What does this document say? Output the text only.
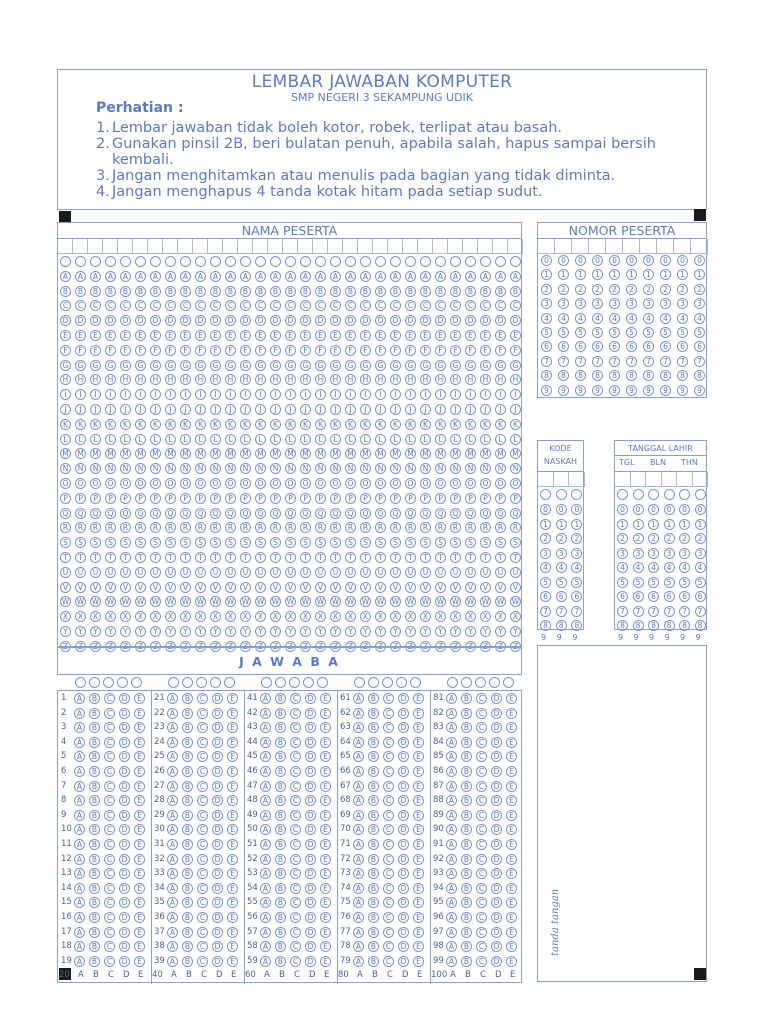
LEMBAR JAWABAN KOMPUTER
SMP NEGERI 3 SEKAMPUNG UDIK
Perhatian :
1. Lembar jawaban tidak boleh kotor, robek, terlipat atau basah.
2. Gunakan pinsil 2B, beri bulatan penuh, apabila salah, hapus sampai bersih
kembali.
3. Jangan menghitamkan atau menulis pada bagian yang tidak diminta.
4. Jangan menghapus 4 tanda kotak hitam pada setiap sudut.
NAMA PESERTA
A	A	A	A	A	A	A	A	A	A	A	A	A	A	A	A	A	A	A	A	A	A	A	A	A	A	A	A	A	A	A
B	B	B	B	B	B	B	B	B	B	B	B	B	B	B	B	B	B	B	B	B	B	B	B	B	B	B	B	B	B	B
C	C	C	C	C	C	C	C	C	C	C	C	C	C	C	C	C	C	C	C	C	C	C	C	C	C	C	C	C	C	C
D	D	D	D	D	D	D	D	D	D	D	D	D	D	D	D	D	D	D	D	D	D	D	D	D	D	D	D	D	D	D
E	E	E	E	E	E	E	E	E	E	E	E	E	E	E	E	E	E	E	E	E	E	E	E	E	E	E	E	E	E	E
F	F	F	F	F	F	F	F	F	F	F	F	F	F	F	F	F	F	F	F	F	F	F	F	F	F	F	F	F	F	F
G	G	G	G	G	G	G	G	G	G	G	G	G	G	G	G	G	G	G	G	G	G	G	G	G	G	G	G	G	G	G
H	H	H	H	H	H	H	H	H	H	H	H	H	H	H	H	H	H	H	H	H	H	H	H	H	H	H	H	H	H	H
I	I	I	I	I	I	I	I	I	I	I	I	I	I	I	I	I	I	I	I	I	I	I	I	I	I	I	I	I	I	I
J	J	J	J	J	J	J	J	J	J	J	J	J	J	J	J	J	J	J	J	J	J	J	J	J	J	J	J	J	J	J
K	K	K	K	K	K	K	K	K	K	K	K	K	K	K	K	K	K	K	K	K	K	K	K	K	K	K	K	K	K	K
L	L	L	L	L	L	L	L	L	L	L	L	L	L	L	L	L	L	L	L	L	L	L	L	L	L	L	L	L	L	L
M	M	M	M	M	M	M	M	M	M	M	M	M	M	M	M	M	M	M	M	M	M	M	M	M	M	M	M	M	M	M
N	N	N	N	N	N	N	N	N	N	N	N	N	N	N	N	N	N	N	N	N	N	N	N	N	N	N	N	N	N	N
O	O	O	O	O	O	O	O	O	O	O	O	O	O	O	O	O	O	O	O	O	O	O	O	O	O	O	O	O	O	O
P	P	P	P	P	P	P	P	P	P	P	P	P	P	P	P	P	P	P	P	P	P	P	P	P	P	P	P	P	P	P
Q	Q	Q	Q	Q	Q	Q	Q	Q	Q	Q	Q	Q	Q	Q	Q	Q	Q	Q	Q	Q	Q	Q	Q	Q	Q	Q	Q	Q	Q	Q
R	R	R	R	R	R	R	R	R	R	R	R	R	R	R	R	R	R	R	R	R	R	R	R	R	R	R	R	R	R	R
S	S	S	S	S	S	S	S	S	S	S	S	S	S	S	S	S	S	S	S	S	S	S	S	S	S	S	S	S	S	S
T	T	T	T	T	T	T	T	T	T	T	T	T	T	T	T	T	T	T	T	T	T	T	T	T	T	T	T	T	T	T
U	U	U	U	U	U	U	U	U	U	U	U	U	U	U	U	U	U	U	U	U	U	U	U	U	U	U	U	U	U	U
V	V	V	V	V	V	V	V	V	V	V	V	V	V	V	V	V	V	V	V	V	V	V	V	V	V	V	V	V	V	V
W W W W W W W W W W W W W W W W W W W W W W W W W W W W W W W
X	X	X	X	X	X	X	X	X	X	X	X	X	X	X	X	X	X	X	X	X	X	X	X	X	X	X	X	X	X	X
Y	Y	Y	Y	Y	Y	Y	Y	Y	Y	Y	Y	Y	Y	Y	Y	Y	Y	Y	Y	Y	Y	Y	Y	Y	Y	Y	Y	Y	Y	Y
Z	Z	Z	Z	Z	Z	Z	Z	Z	Z	Z	Z	Z	Z	Z	Z	Z	Z	Z	Z	Z	Z	Z	Z	Z	Z	Z	Z	Z	Z	Z
NOMOR PESERTA
0	0	0	0	0	0	0	0	0	0
1	1	1	1	1	1	1	1	1	1
2	2	2	2	2	2	2	2	2	2
3	3	3	3	3	3	3	3	3	3
4	4	4	4	4	4	4	4	4	4
5	5	5	5	5	5	5	5	5	5
6	6	6	6	6	6	6	6	6	6
7	7	7	7	7	7	7	7	7	7
8	8	8	8	8	8	8	8	8	8
9	9	9	9	9	9	9	9	9	9
KODE
NASKAH
0	0	0
1	1	1
2	2	2
3	3	3
4	4	4
5	5	5
6	6	6
7	7	7
8	8	8
9 9 9
TANGGAL LAHIR
TGL BLN THN
0	0	0	0	0	0
1	1	1	1	1	1
2	2	2	2	2	2
3	3	3	3	3	3
4	4	4	4	4	4
5	5	5	5	5	5
6	6	6	6	6	6
7	7	7	7	7	7
8	8	8	8	8	8
9 9 9 9 9 9
J A W A B A
1	A	B	C	D	E
2	A	B	C	D	E
3	A	B	C	D	E
4	A	B	C	D	E
5	A	B	C	D	E
6	A	B	C	D	E
7	A	B	C	D	E
8	A	B	C	D	E
9	A	B	C	D	E
10 A	B	C	D	E
11 A	B	C	D	E
12 A	B	C	D	E
13 A	B	C	D	E
14 A	B	C	D	E
15 A	B	C	D	E
16 A	B	C	D	E
17 A	B	C	D	E
18 A	B	C	D	E
19 A	B	C	D	E
20 A B C D E
21 A	B	C	D	E
22 A	B	C	D	E
23 A	B	C	D	E
24 A	B	C	D	E
25 A	B	C	D	E
26 A	B	C	D	E
27 A	B	C	D	E
28 A	B	C	D	E
29 A	B	C	D	E
30 A	B	C	D	E
31 A	B	C	D	E
32 A	B	C	D	E
33 A	B	C	D	E
34 A	B	C	D	E
35 A	B	C	D	E
36 A	B	C	D	E
37 A	B	C	D	E
38 A	B	C	D	E
39 A	B	C	D	E
40 A B C D E
41 A	B	C	D	E
42 A	B	C	D	E
43 A	B	C	D	E
44 A	B	C	D	E
45 A	B	C	D	E
46 A	B	C	D	E
47 A	B	C	D	E
48 A	B	C	D	E
49 A	B	C	D	E
50 A	B	C	D	E
51 A	B	C	D	E
52 A	B	C	D	E
53 A	B	C	D	E
54 A	B	C	D	E
55 A	B	C	D	E
56 A	B	C	D	E
57 A	B	C	D	E
58 A	B	C	D	E
59 A	B	C	D	E
60 A B C D E
61 A	B	C	D	E
62 A	B	C	D	E
63 A	B	C	D	E
64 A	B	C	D	E
65 A	B	C	D	E
66 A	B	C	D	E
67 A	B	C	D	E
68 A	B	C	D	E
69 A	B	C	D	E
70 A	B	C	D	E
71 A	B	C	D	E
72 A	B	C	D	E
73 A	B	C	D	E
74 A	B	C	D	E
75 A	B	C	D	E
76 A	B	C	D	E
77 A	B	C	D	E
78 A	B	C	D	E
79 A	B	C	D	E
80 A B C D E
81 A	B	C	D	E
82 A	B	C	D	E
83 A	B	C	D	E
84 A	B	C	D	E
85 A	B	C	D	E
86 A	B	C	D	E
87 A	B	C	D	E
88 A	B	C	D	E
89 A	B	C	D	E
90 A	B	C	D	E
91 A	B	C	D	E
92 A	B	C	D	E
93 A	B	C	D	E
94 A	B	C	D	E
95 A	B	C	D	E
96 A	B	C	D	E
97 A	B	C	D	E
98 A	B	C	D	E
99 A	B	C	D	E
100 A B C D E
tanda tangan
